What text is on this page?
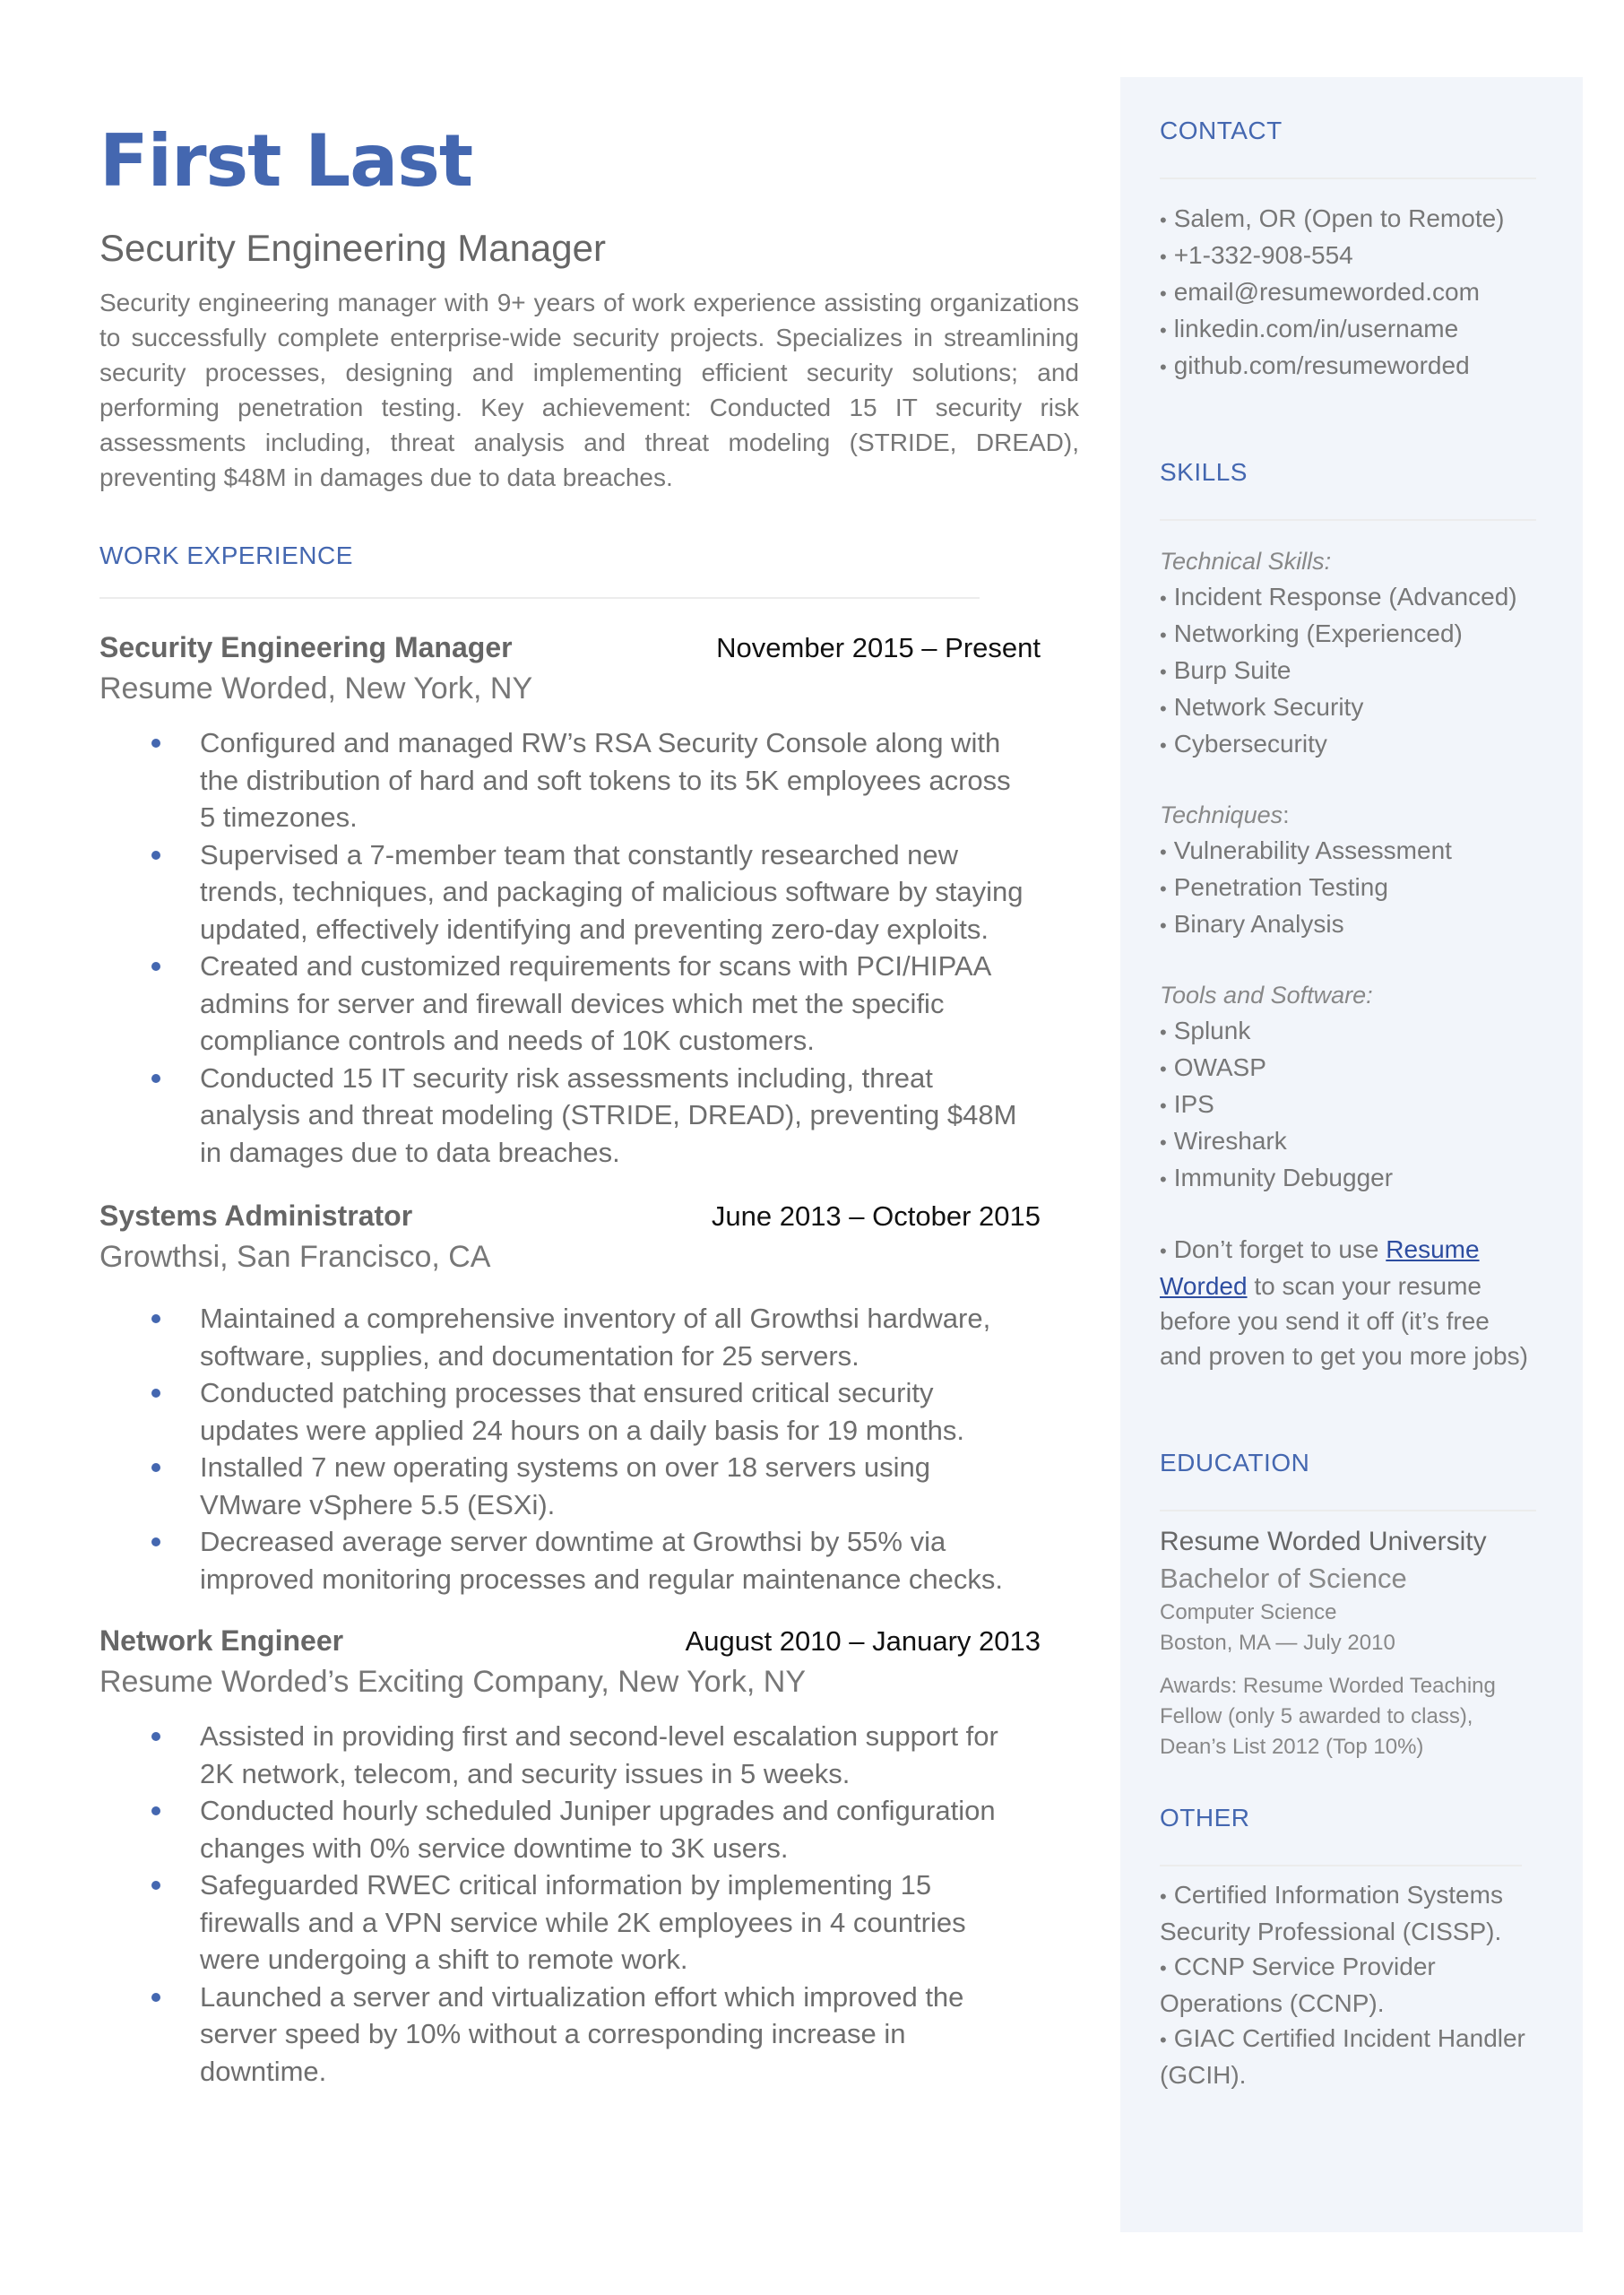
First Last
Security Engineering Manager
Security engineering manager with 9+ years of work experience assisting organizations to successfully complete enterprise-wide security projects. Specializes in streamlining security processes, designing and implementing efficient security solutions; and performing penetration testing. Key achievement: Conducted 15 IT security risk assessments including, threat analysis and threat modeling (STRIDE, DREAD), preventing $48M in damages due to data breaches.
WORK EXPERIENCE
Security Engineering Manager	November 2015 – Present
Resume Worded, New York, NY
Configured and managed RW’s RSA Security Console along with the distribution of hard and soft tokens to its 5K employees across 5 timezones.
Supervised a 7-member team that constantly researched new trends, techniques, and packaging of malicious software by staying updated, effectively identifying and preventing zero-day exploits.
Created and customized requirements for scans with PCI/HIPAA admins for server and firewall devices which met the specific compliance controls and needs of 10K customers.
Conducted 15 IT security risk assessments including, threat analysis and threat modeling (STRIDE, DREAD), preventing $48M in damages due to data breaches.
Systems Administrator	June 2013 – October 2015
Growthsi, San Francisco, CA
Maintained a comprehensive inventory of all Growthsi hardware, software, supplies, and documentation for 25 servers.
Conducted patching processes that ensured critical security updates were applied 24 hours on a daily basis for 19 months.
Installed 7 new operating systems on over 18 servers using VMware vSphere 5.5 (ESXi).
Decreased average server downtime at Growthsi by 55% via improved monitoring processes and regular maintenance checks.
Network Engineer	August 2010 – January 2013
Resume Worded’s Exciting Company, New York, NY
Assisted in providing first and second-level escalation support for 2K network, telecom, and security issues in 5 weeks.
Conducted hourly scheduled Juniper upgrades and configuration changes with 0% service downtime to 3K users.
Safeguarded RWEC critical information by implementing 15 firewalls and a VPN service while 2K employees in 4 countries were undergoing a shift to remote work.
Launched a server and virtualization effort which improved the server speed by 10% without a corresponding increase in downtime.
CONTACT
• Salem, OR (Open to Remote)
• +1-332-908-554
• email@resumeworded.com
• linkedin.com/in/username
• github.com/resumeworded
SKILLS
Technical Skills:
• Incident Response (Advanced)
• Networking (Experienced)
• Burp Suite
• Network Security
• Cybersecurity
Techniques:
• Vulnerability Assessment
• Penetration Testing
• Binary Analysis
Tools and Software:
• Splunk
• OWASP
• IPS
• Wireshark
• Immunity Debugger
• Don’t forget to use Resume Worded to scan your resume before you send it off (it’s free and proven to get you more jobs)
EDUCATION
Resume Worded University
Bachelor of Science
Computer Science
Boston, MA — July 2010
Awards: Resume Worded Teaching Fellow (only 5 awarded to class), Dean’s List 2012 (Top 10%)
OTHER
• Certified Information Systems Security Professional (CISSP).
• CCNP Service Provider Operations (CCNP).
• GIAC Certified Incident Handler (GCIH).
